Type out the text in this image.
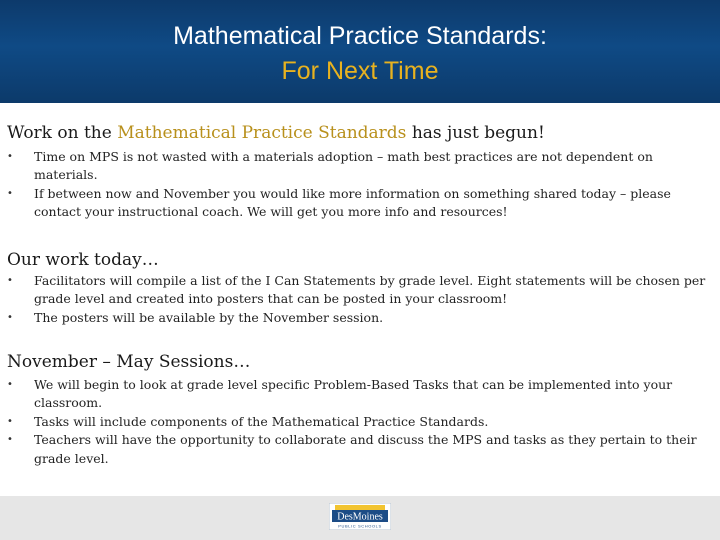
Mathematical Practice Standards:
For Next Time
Work on the Mathematical Practice Standards has just begun!
• Time on MPS is not wasted with a materials adoption – math best practices are not dependent on materials.
• If between now and November you would like more information on something shared today – please contact your instructional coach. We will get you more info and resources!
Our work today…
• Facilitators will compile a list of the I Can Statements by grade level. Eight statements will be chosen per grade level and created into posters that can be posted in your classroom!
• The posters will be available by the November session.
November – May Sessions…
• We will begin to look at grade level specific Problem-Based Tasks that can be implemented into your classroom.
• Tasks will include components of the Mathematical Practice Standards.
• Teachers will have the opportunity to collaborate and discuss the MPS and tasks as they pertain to their grade level.
DesMoines
PUBLIC SCHOOLS
